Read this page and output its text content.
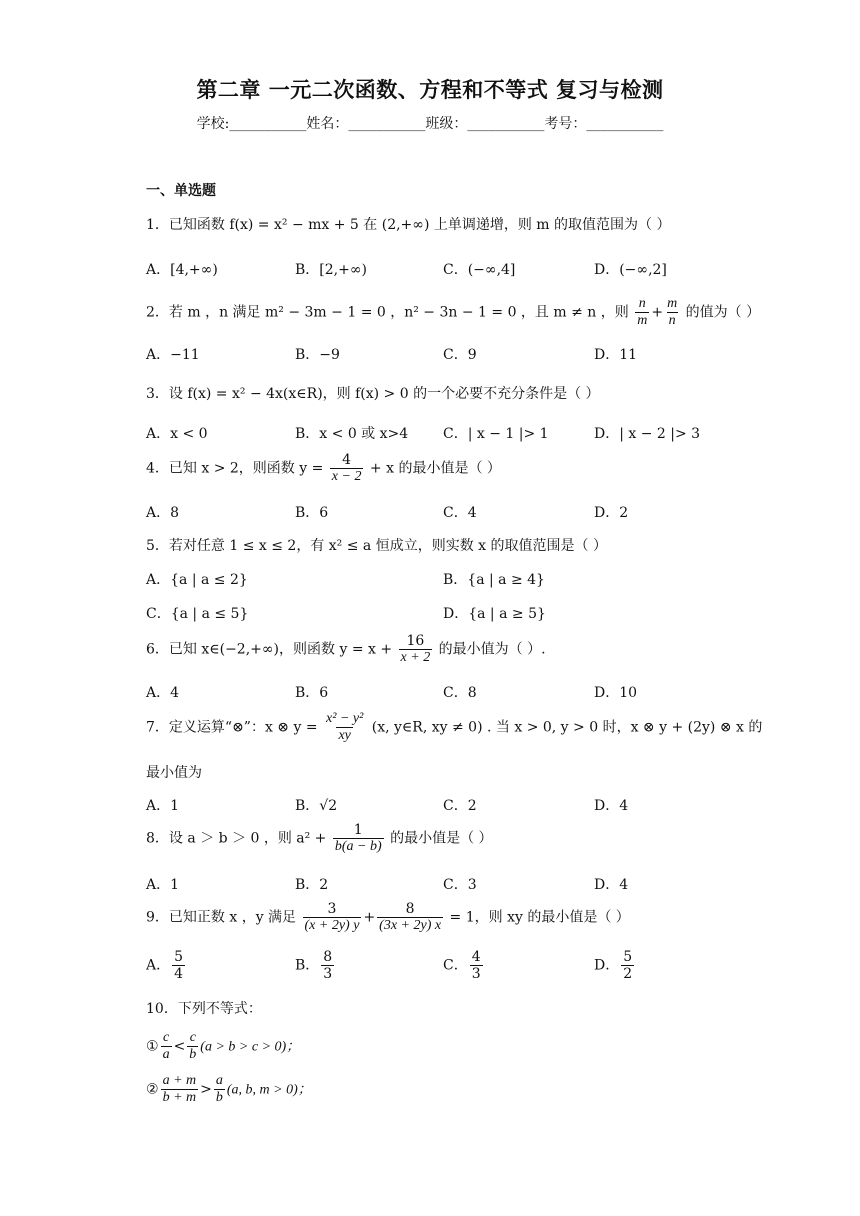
第二章 一元二次函数、方程和不等式 复习与检测
学校:___________姓名：___________班级：___________考号：___________
一、单选题
1．已知函数 f(x) = x² − mx + 5 在 (2,+∞) 上单调递增，则 m 的取值范围为（ ）
A．[4,+∞)	B．[2,+∞)	C．(−∞,4]	D．(−∞,2]
2．若 m ，n 满足 m² − 3m − 1 = 0 ，n² − 3n − 1 = 0 ，且 m ≠ n ，则 $\frac{n}{m} + \frac{m}{n}$ 的值为（ ）
A．−11	B．−9	C．9	D．11
3．设 f(x) = x² − 4x(x∈R)，则 f(x) > 0 的一个必要不充分条件是（ ）
A．x < 0	B．x < 0 或 x>4 C．| x − 1 |> 1	D．| x − 2 |> 3
4．已知 x > 2，则函数 $y = \frac{4}{x - 2} + x$ 的最小值是（ ）
A．8	B．6	C．4	D．2
5．若对任意 1 ≤ x ≤ 2，有 x² ≤ a 恒成立，则实数 x 的取值范围是（ ）
A．{a | a ≤ 2}	B．{a | a ≥ 4}
C．{a | a ≤ 5}	D．{a | a ≥ 5}
6．已知 x∈(−2,+∞)，则函数 $y = x + \frac{16}{x + 2}$ 的最小值为（ ）.
A．4	B．6	C．8	D．10
7．定义运算“⊗”：x ⊗ $y = \frac{\text{x² − y²}}{xy} (x$, y∈R, xy ≠ 0) . 当 x > 0, y > 0 时，x ⊗ y + (2y) ⊗ x 的
最小值为
A．1	B．√2	C．2	D．4
8．设 a ＞ b ＞ 0 ，则 $a^2 + \frac{1}{b(a - b)}$ 的最小值是（ ）
A．1	B．2	C．3	D．4
9．已知正数 x ，y 满足 $\frac{3}{(x + 2y) y} + \frac{8}{(3x + 2y) x} = 1$，则 xy 的最小值是（ ）
A． $\frac{5}{4}$	B． $\frac{8}{3}$	C． $\frac{4}{3}$	D． $\frac{5}{2}$
10．下列不等式：
① $\frac{c}{a} < \frac{c}{b} (a > b > c > 0)$；
② $\frac{a + m}{b + m} > \frac{a}{b} (a$, b, m > 0)；
